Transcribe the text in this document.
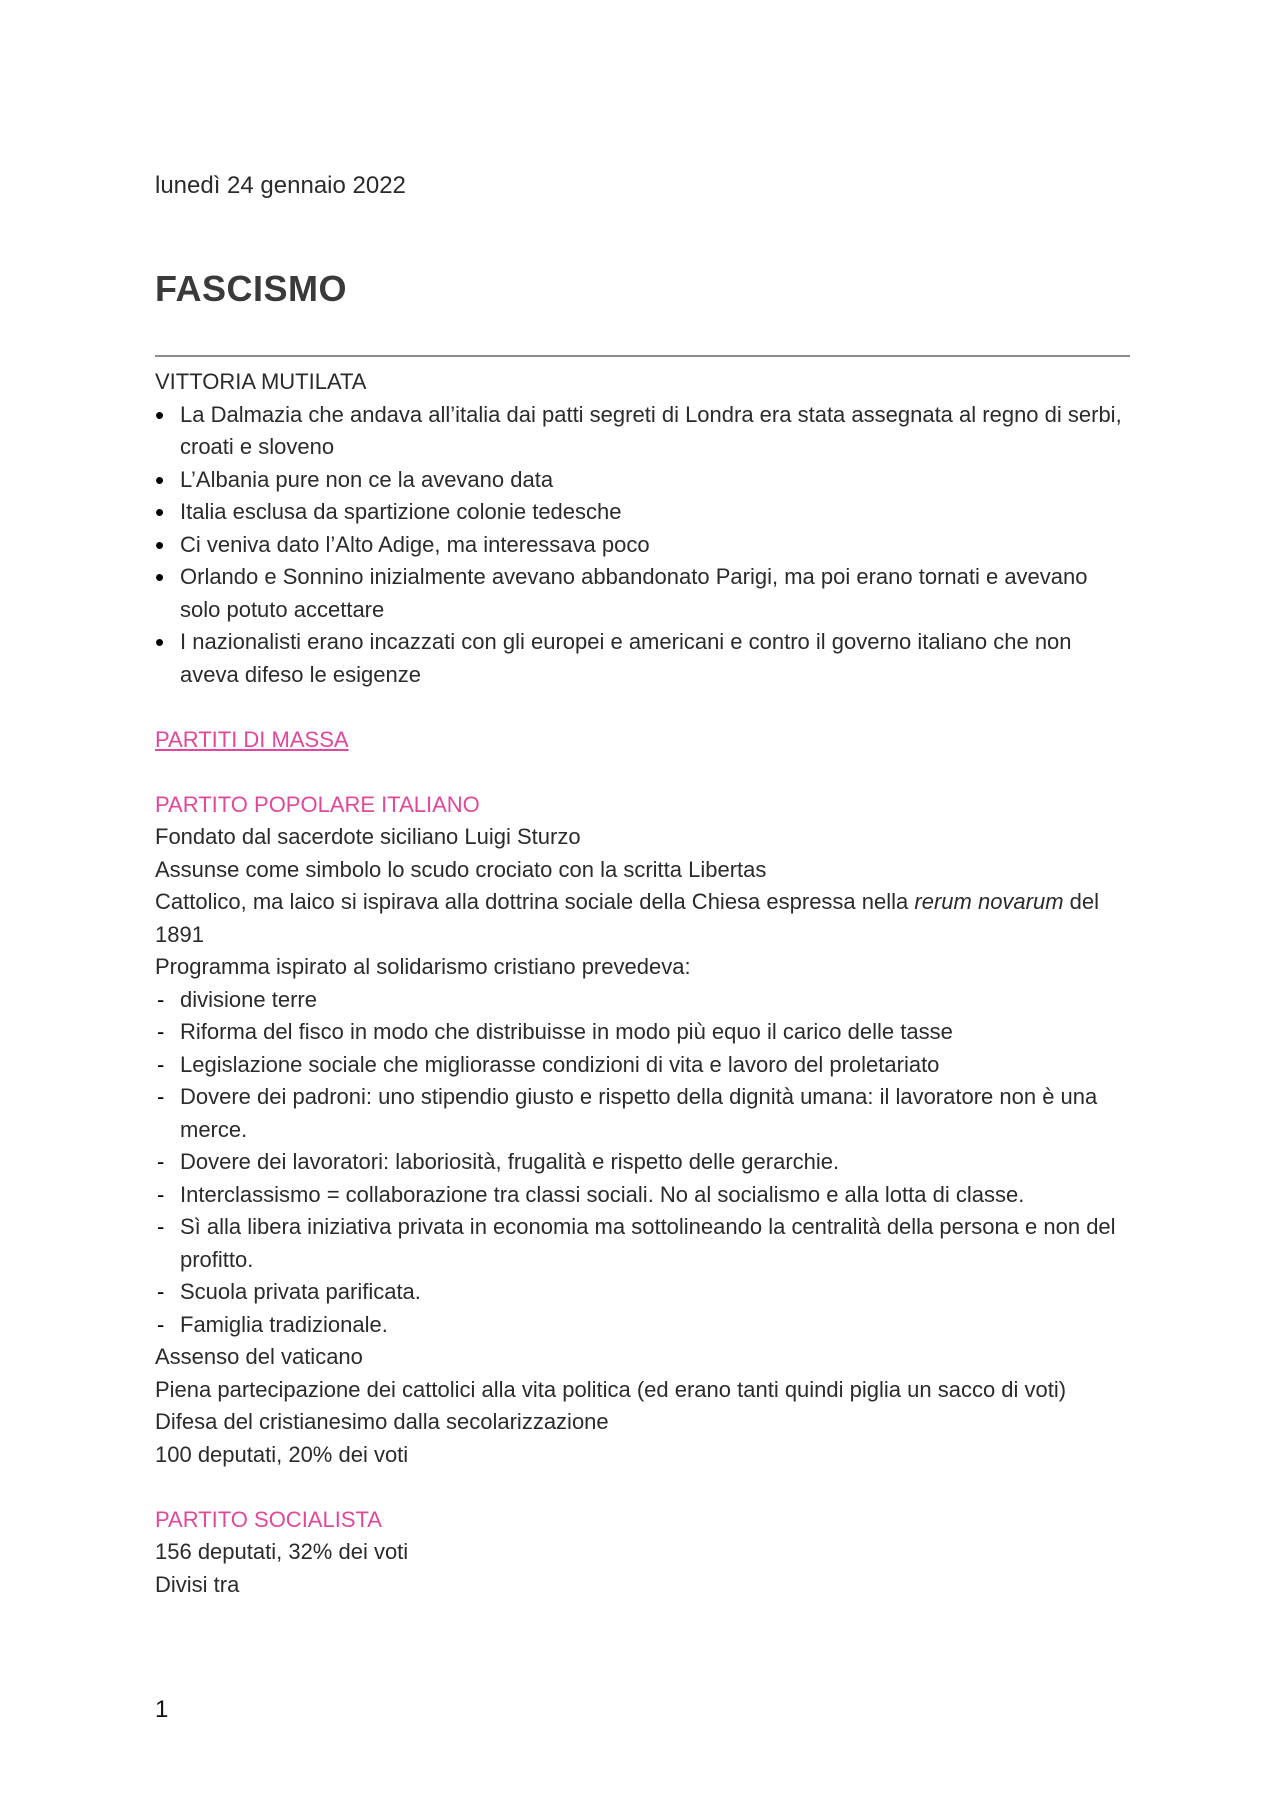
lunedì 24 gennaio 2022
FASCISMO

VITTORIA MUTILATA

• La Dalmazia che andava all’italia dai patti segreti di Londra era stata assegnata al regno di serbi, croati e sloveno
• L’Albania pure non ce la avevano data
• Italia esclusa da spartizione colonie tedesche
• Ci veniva dato l’Alto Adige, ma interessava poco
• Orlando e Sonnino inizialmente avevano abbandonato Parigi, ma poi erano tornati e avevano solo potuto accettare
• I nazionalisti erano incazzati con gli europei e americani e contro il governo italiano che non aveva difeso le esigenze

PARTITI DI MASSA

PARTITO POPOLARE ITALIANO

Fondato dal sacerdote siciliano Luigi Sturzo

Assunse come simbolo lo scudo crociato con la scritta Libertas

Cattolico, ma laico si ispirava alla dottrina sociale della Chiesa espressa nella rerum novarum del 1891

Programma ispirato al solidarismo cristiano prevedeva:

- divisione terre
- Riforma del fisco in modo che distribuisse in modo più equo il carico delle tasse
- Legislazione sociale che migliorasse condizioni di vita e lavoro del proletariato
- Dovere dei padroni: uno stipendio giusto e rispetto della dignità umana: il lavoratore non è una merce.
- Dovere dei lavoratori: laboriosità, frugalità e rispetto delle gerarchie.
- Interclassismo = collaborazione tra classi sociali. No al socialismo e alla lotta di classe.
- Sì alla libera iniziativa privata in economia ma sottolineando la centralità della persona e non del profitto.
- Scuola privata parificata.
- Famiglia tradizionale.

Assenso del vaticano

Piena partecipazione dei cattolici alla vita politica (ed erano tanti quindi piglia un sacco di voti)

Difesa del cristianesimo dalla secolarizzazione

100 deputati, 20% dei voti

PARTITO SOCIALISTA

156 deputati, 32% dei voti

Divisi tra

1
